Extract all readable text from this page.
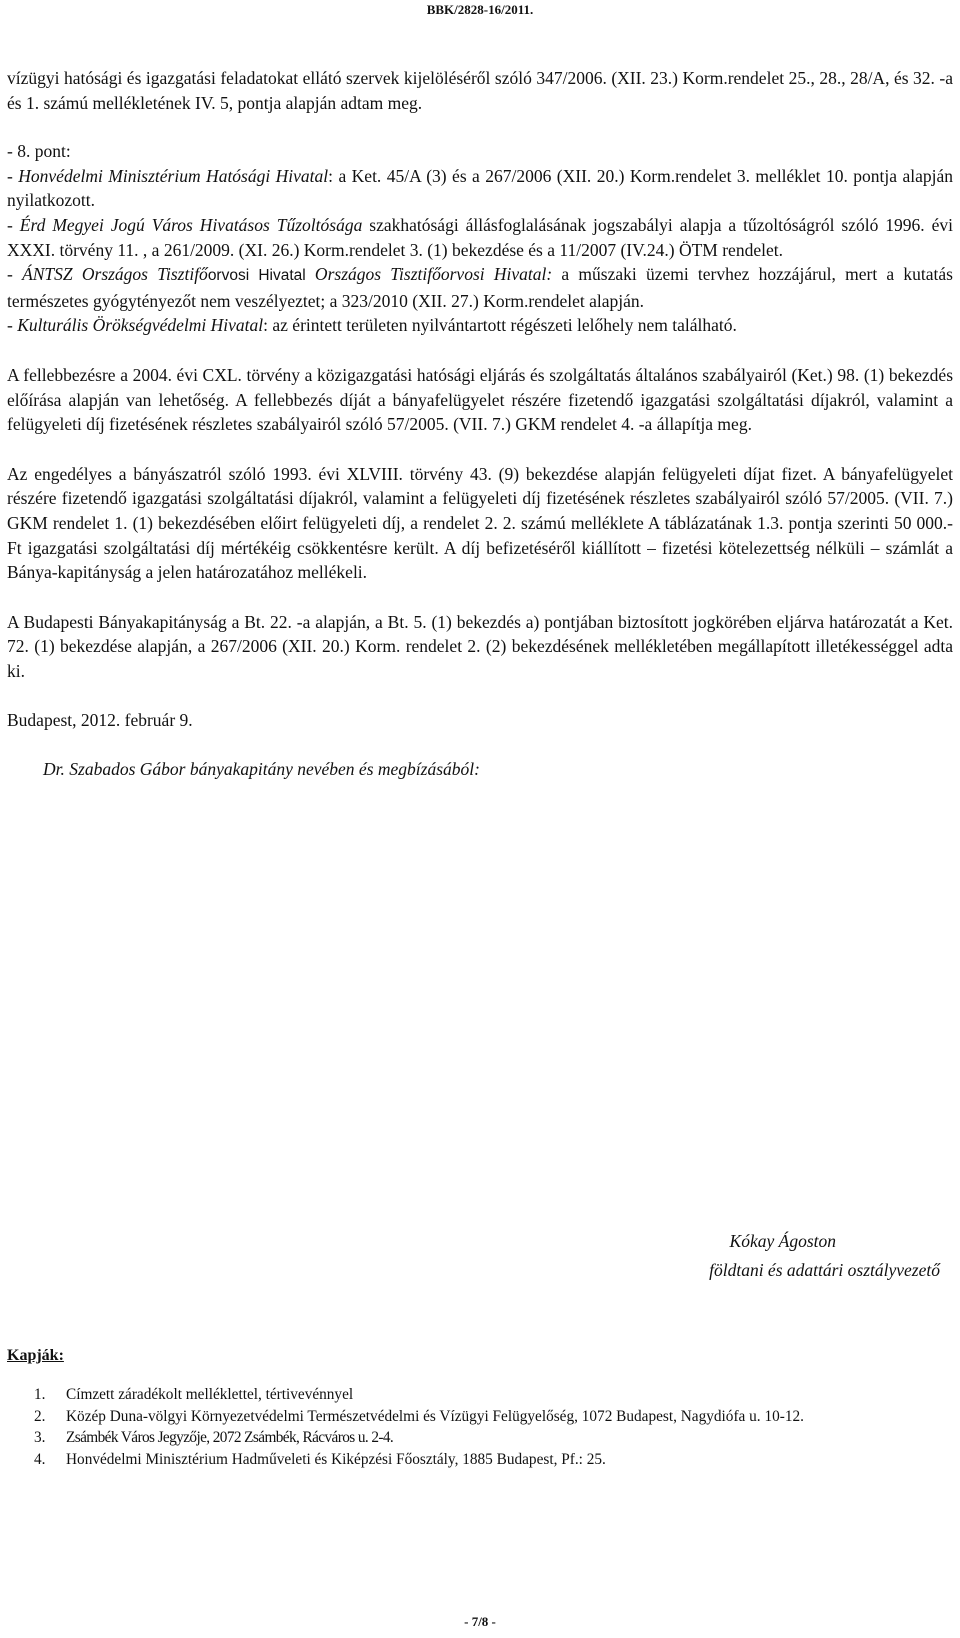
BBK/2828-16/2011.

vízügyi hatósági és igazgatási feladatokat ellátó szervek kijelöléséről szóló 347/2006. (XII. 23.) Korm.rendelet 25., 28., 28/A, és 32. -a és 1. számú mellékletének IV. 5, pontja alapján adtam meg.

- 8. pont:
- Honvédelmi Minisztérium Hatósági Hivatal: a Ket. 45/A (3) és a 267/2006 (XII. 20.) Korm.rendelet 3. melléklet 10. pontja alapján nyilatkozott.
- Érd Megyei Jogú Város Hivatásos Tűzoltósága szakhatósági állásfoglalásának jogszabályi alapja a tűzoltóságról szóló 1996. évi XXXI. törvény 11. , a 261/2009. (XI. 26.) Korm.rendelet 3. (1) bekezdése és a 11/2007 (IV.24.) ÖTM rendelet.
- ÁNTSZ Országos Tisztifőorvosi Hivatal Országos Tisztifőorvosi Hivatal: a műszaki üzemi tervhez hozzájárul, mert a kutatás természetes gyógytényezőt nem veszélyeztet; a 323/2010 (XII. 27.) Korm.rendelet alapján.
- Kulturális Örökségvédelmi Hivatal: az érintett területen nyilvántartott régészeti lelőhely nem található.

A fellebbezésre a 2004. évi CXL. törvény a közigazgatási hatósági eljárás és szolgáltatás általános szabályairól (Ket.) 98. (1) bekezdés előírása alapján van lehetőség. A fellebbezés díját a bányafelügyelet részére fizetendő igazgatási szolgáltatási díjakról, valamint a felügyeleti díj fizetésének részletes szabályairól szóló 57/2005. (VII. 7.) GKM rendelet 4. -a állapítja meg.

Az engedélyes a bányászatról szóló 1993. évi XLVIII. törvény 43. (9) bekezdése alapján felügyeleti díjat fizet. A bányafelügyelet részére fizetendő igazgatási szolgáltatási díjakról, valamint a felügyeleti díj fizetésének részletes szabályairól szóló 57/2005. (VII. 7.) GKM rendelet 1. (1) bekezdésében előirt felügyeleti díj, a rendelet 2. 2. számú melléklete A táblázatának 1.3. pontja szerinti 50 000.- Ft igazgatási szolgáltatási díj mértékéig csökkentésre került. A díj befizetéséről kiállított – fizetési kötelezettség nélküli – számlát a Bánya-kapitányság a jelen határozatához mellékeli.

A Budapesti Bányakapitányság a Bt. 22. -a alapján, a Bt. 5. (1) bekezdés a) pontjában biztosított jogkörében eljárva határozatát a Ket. 72. (1) bekezdése alapján, a 267/2006 (XII. 20.) Korm. rendelet 2. (2) bekezdésének mellékletében megállapított illetékességgel adta ki.

Budapest, 2012. február 9.

Dr. Szabados Gábor bányakapitány nevében és megbízásából:

Kókay Ágoston
földtani és adattári osztályvezető
Kapják:
1. Címzett záradékolt melléklettel, tértivevénnyel
2. Közép Duna-völgyi Környezetvédelmi Természetvédelmi és Vízügyi Felügyelőség, 1072 Budapest, Nagydiófa u. 10-12.
3. Zsámbék Város Jegyzője, 2072 Zsámbék, Rácváros u. 2-4.
4. Honvédelmi Minisztérium Hadműveleti és Kiképzési Főosztály, 1885 Budapest, Pf.: 25.
- 7/8 -
